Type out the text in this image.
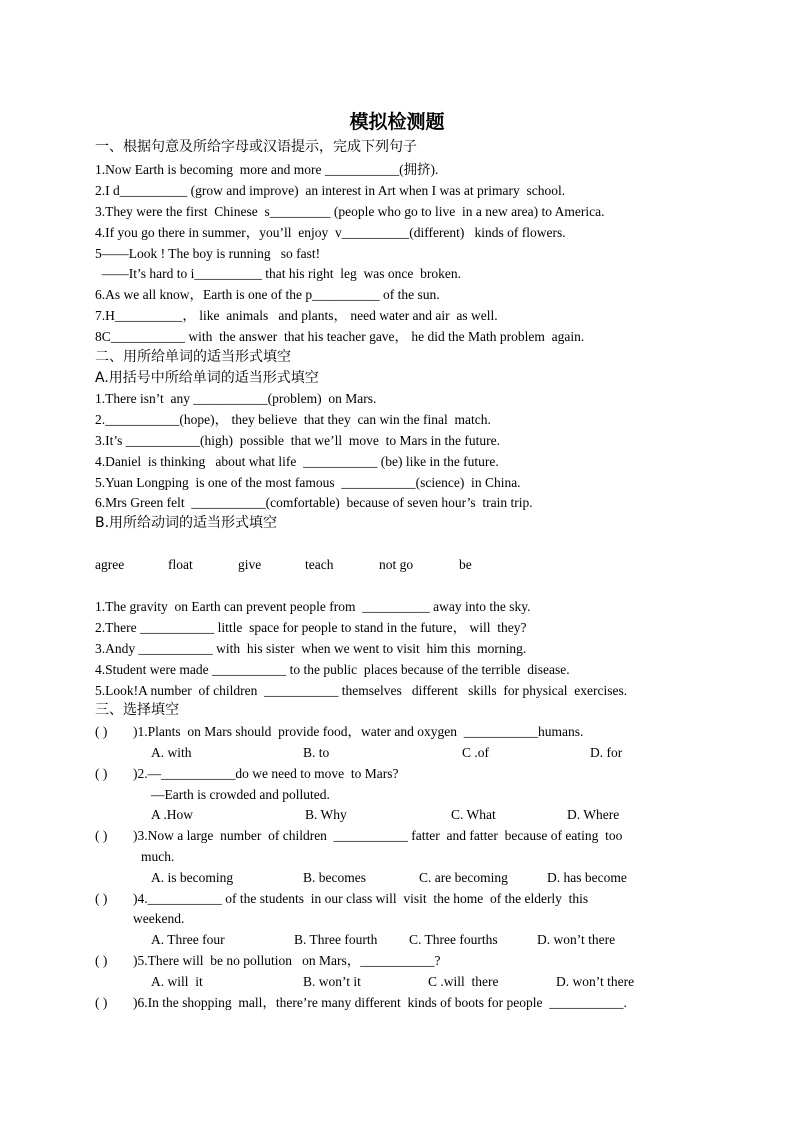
模拟检测题
一、根据句意及所给字母或汉语提示，完成下列句子
1.Now Earth is becoming  more and more ___________(拥挤).
2.I d__________ (grow and improve)  an interest in Art when I was at primary  school.
3.They were the first  Chinese  s_________ (people who go to live  in a new area) to America.
4.If you go there in summer，you’ll  enjoy  v__________(different)   kinds of flowers.
5——Look ! The boy is running   so fast!
——It’s hard to i__________ that his right  leg  was once  broken.
6.As we all know，Earth is one of the p__________ of the sun.
7.H__________， like  animals   and plants， need water and air  as well.
8C___________ with  the answer  that his teacher gave， he did the Math problem  again.
二、用所给单词的适当形式填空
A.用括号中所给单词的适当形式填空
1.There isn’t  any ___________(problem)  on Mars.
2.___________(hope)， they believe  that they  can win the final  match.
3.It’s ___________(high)  possible  that we’ll  move  to Mars in the future.
4.Daniel  is thinking   about what life  ___________ (be) like in the future.
5.Yuan Longping  is one of the most famous  ___________(science)  in China.
6.Mrs Green felt  ___________(comfortable)  because of seven hour’s  train trip.
B.用所给动词的适当形式填空
agree	float	give	teach	not go	be
1.The gravity  on Earth can prevent people from  __________ away into the sky.
2.There ___________ little  space for people to stand in the future， will  they?
3.Andy ___________ with  his sister  when we went to visit  him this  morning.
4.Student were made ___________ to the public  places because of the terrible  disease.
5.Look!A number  of children  ___________ themselves   different   skills  for physical  exercises.
三、选择填空
( ) )1.Plants  on Mars should  provide food，water and oxygen  ___________humans.
A. with	B. to	C .of	D. for
( ) )2.—___________do we need to move  to Mars?
—Earth is crowded and polluted.
A .How	B. Why	C. What	D. Where
( ) )3.Now a large  number  of children  ___________ fatter  and fatter  because of eating  too
much.
A. is becoming	B. becomes	C. are becoming	D. has become
( ) )4.___________ of the students  in our class will  visit  the home  of the elderly  this
weekend.
A. Three four	B. Three fourth C. Three fourths	D. won’t there
( ) )5.There will  be no pollution   on Mars，___________?
A. will  it	B. won’t it	C .will  there	D. won’t there
( ) )6.In the shopping  mall，there’re many different  kinds of boots for people  ___________.
